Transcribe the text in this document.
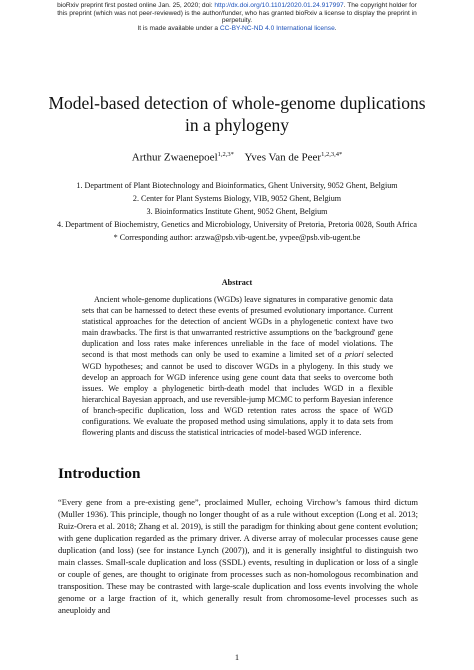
bioRxiv preprint first posted online Jan. 25, 2020; doi: http://dx.doi.org/10.1101/2020.01.24.917997. The copyright holder for
this preprint (which was not peer-reviewed) is the author/funder, who has granted bioRxiv a license to display the preprint in
perpetuity.
It is made available under a CC-BY-NC-ND 4.0 International license.
Model-based detection of whole-genome duplications in a phylogeny
Arthur Zwaenepoel$^{1,2,3*}$ Yves Van de Peer$^{1,2,3,4*}$
1. Department of Plant Biotechnology and Bioinformatics, Ghent University, 9052 Ghent, Belgium
2. Center for Plant Systems Biology, VIB, 9052 Ghent, Belgium
3. Bioinformatics Institute Ghent, 9052 Ghent, Belgium
4. Department of Biochemistry, Genetics and Microbiology, University of Pretoria, Pretoria 0028, South Africa
* Corresponding author: arzwa@psb.vib-ugent.be, yvpee@psb.vib-ugent.be
Abstract

Ancient whole-genome duplications (WGDs) leave signatures in comparative genomic data sets that can be harnessed to detect these events of presumed evolutionary importance. Current statistical approaches for the detection of ancient WGDs in a phylogenetic context have two main drawbacks. The first is that unwarranted restrictive assumptions on the 'background' gene duplication and loss rates make inferences unreliable in the face of model violations. The second is that most methods can only be used to examine a limited set of a priori selected WGD hypotheses; and cannot be used to discover WGDs in a phylogeny. In this study we develop an approach for WGD inference using gene count data that seeks to overcome both issues. We employ a phylogenetic birth-death model that includes WGD in a flexible hierarchical Bayesian approach, and use reversible-jump MCMC to perform Bayesian inference of branch-specific duplication, loss and WGD retention rates across the space of WGD configurations. We evaluate the proposed method using simulations, apply it to data sets from flowering plants and discuss the statistical intricacies of model-based WGD inference.

Introduction

“Every gene from a pre-existing gene”, proclaimed Muller, echoing Virchow’s famous third dictum (Muller 1936). This principle, though no longer thought of as a rule without exception (Long et al. 2013; Ruiz-Orera et al. 2018; Zhang et al. 2019), is still the paradigm for thinking about gene content evolution; with gene duplication regarded as the primary driver. A diverse array of molecular processes cause gene duplication (and loss) (see for instance Lynch (2007)), and it is generally insightful to distinguish two main classes. Small-scale duplication and loss (SSDL) events, resulting in duplication or loss of a single or couple of genes, are thought to originate from processes such as non-homologous recombination and transposition. These may be contrasted with large-scale duplication and loss events involving the whole genome or a large fraction of it, which generally result from chromosome-level processes such as aneuploidy and

1
